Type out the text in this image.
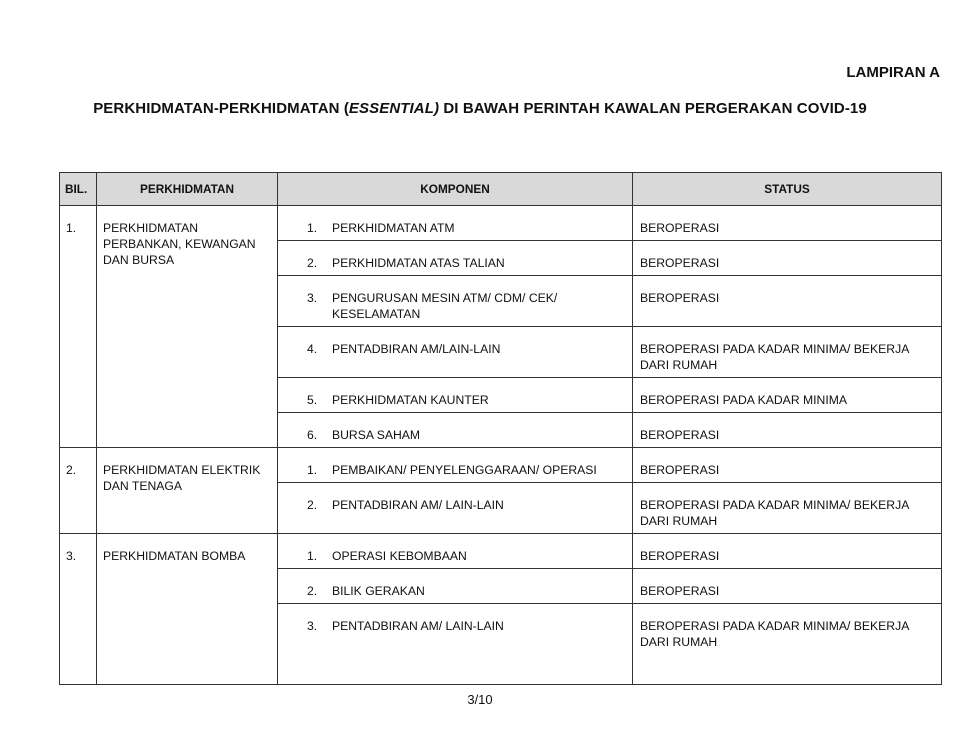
LAMPIRAN A
PERKHIDMATAN-PERKHIDMATAN (ESSENTIAL) DI BAWAH PERINTAH KAWALAN PERGERAKAN COVID-19
BIL.	PERKHIDMATAN	KOMPONEN	STATUS
1.	PERKHIDMATAN PERBANKAN, KEWANGAN DAN BURSA	1. PERKHIDMATAN ATM	BEROPERASI

		2. PERKHIDMATAN ATAS TALIAN	BEROPERASI

		3. PENGURUSAN MESIN ATM/ CDM/ CEK/ KESELAMATAN	BEROPERASI

		4. PENTADBIRAN AM/LAIN-LAIN	BEROPERASI PADA KADAR MINIMA/ BEKERJA DARI RUMAH

		5. PERKHIDMATAN KAUNTER	BEROPERASI PADA KADAR MINIMA

		6. BURSA SAHAM	BEROPERASI
2.	PERKHIDMATAN ELEKTRIK DAN TENAGA	1. PEMBAIKAN/ PENYELENGGARAAN/ OPERASI	BEROPERASI

		2. PENTADBIRAN AM/ LAIN-LAIN	BEROPERASI PADA KADAR MINIMA/ BEKERJA DARI RUMAH
3.	PERKHIDMATAN BOMBA	1. OPERASI KEBOMBAAN	BEROPERASI

		2. BILIK GERAKAN	BEROPERASI

		3. PENTADBIRAN AM/ LAIN-LAIN	BEROPERASI PADA KADAR MINIMA/ BEKERJA DARI RUMAH
3/10
